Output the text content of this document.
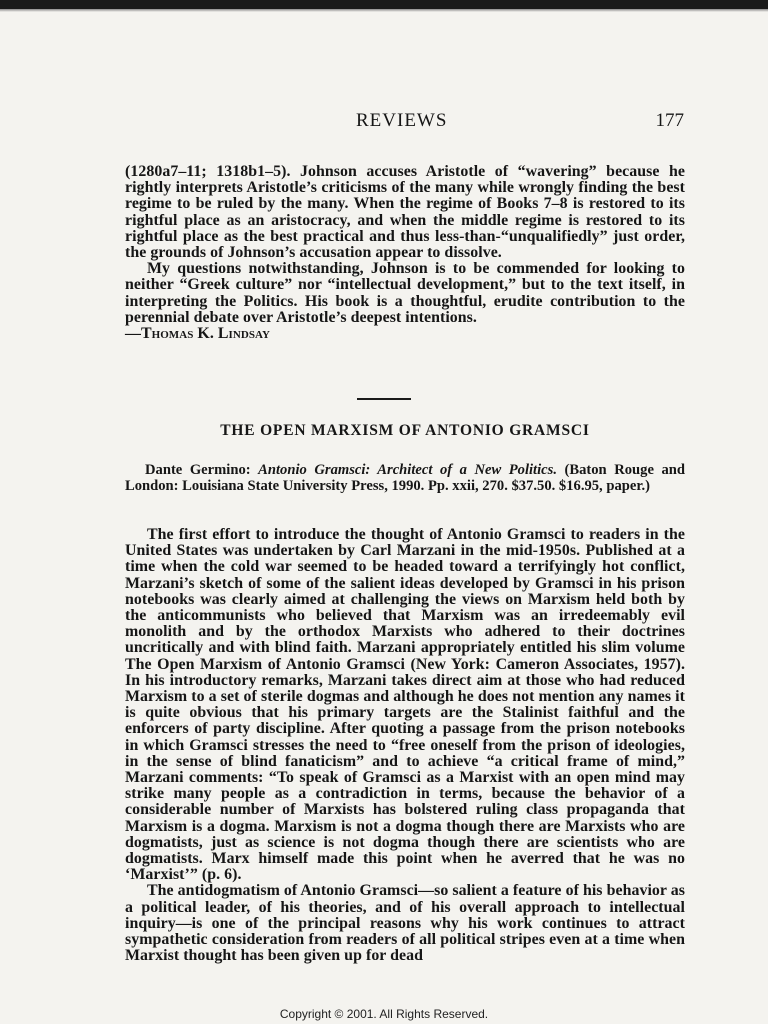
REVIEWS	177

(1280a7–11; 1318b1–5). Johnson accuses Aristotle of “wavering” because he rightly interprets Aristotle’s criticisms of the many while wrongly finding the best regime to be ruled by the many. When the regime of Books 7–8 is restored to its rightful place as an aristocracy, and when the middle regime is restored to its rightful place as the best practical and thus less-than-“unqualifiedly” just order, the grounds of Johnson’s accusation appear to dissolve.

My questions notwithstanding, Johnson is to be commended for looking to neither “Greek culture” nor “intellectual development,” but to the text itself, in interpreting the Politics. His book is a thoughtful, erudite contribution to the perennial debate over Aristotle’s deepest intentions.

—Thomas K. Lindsay

THE OPEN MARXISM OF ANTONIO GRAMSCI

Dante Germino: Antonio Gramsci: Architect of a New Politics. (Baton Rouge and London: Louisiana State University Press, 1990. Pp. xxii, 270. $37.50. $16.95, paper.)

The first effort to introduce the thought of Antonio Gramsci to readers in the United States was undertaken by Carl Marzani in the mid-1950s. Published at a time when the cold war seemed to be headed toward a terrifyingly hot conflict, Marzani’s sketch of some of the salient ideas developed by Gramsci in his prison notebooks was clearly aimed at challenging the views on Marxism held both by the anticommunists who believed that Marxism was an irredeemably evil monolith and by the orthodox Marxists who adhered to their doctrines uncritically and with blind faith. Marzani appropriately entitled his slim volume The Open Marxism of Antonio Gramsci (New York: Cameron Associates, 1957). In his introductory remarks, Marzani takes direct aim at those who had reduced Marxism to a set of sterile dogmas and although he does not mention any names it is quite obvious that his primary targets are the Stalinist faithful and the enforcers of party discipline. After quoting a passage from the prison notebooks in which Gramsci stresses the need to “free oneself from the prison of ideologies, in the sense of blind fanaticism” and to achieve “a critical frame of mind,” Marzani comments: “To speak of Gramsci as a Marxist with an open mind may strike many people as a contradiction in terms, because the behavior of a considerable number of Marxists has bolstered ruling class propaganda that Marxism is a dogma. Marxism is not a dogma though there are Marxists who are dogmatists, just as science is not dogma though there are scientists who are dogmatists. Marx himself made this point when he averred that he was no ‘Marxist’” (p. 6).

The antidogmatism of Antonio Gramsci—so salient a feature of his behavior as a political leader, of his theories, and of his overall approach to intellectual inquiry—is one of the principal reasons why his work continues to attract sympathetic consideration from readers of all political stripes even at a time when Marxist thought has been given up for dead

Copyright © 2001. All Rights Reserved.
